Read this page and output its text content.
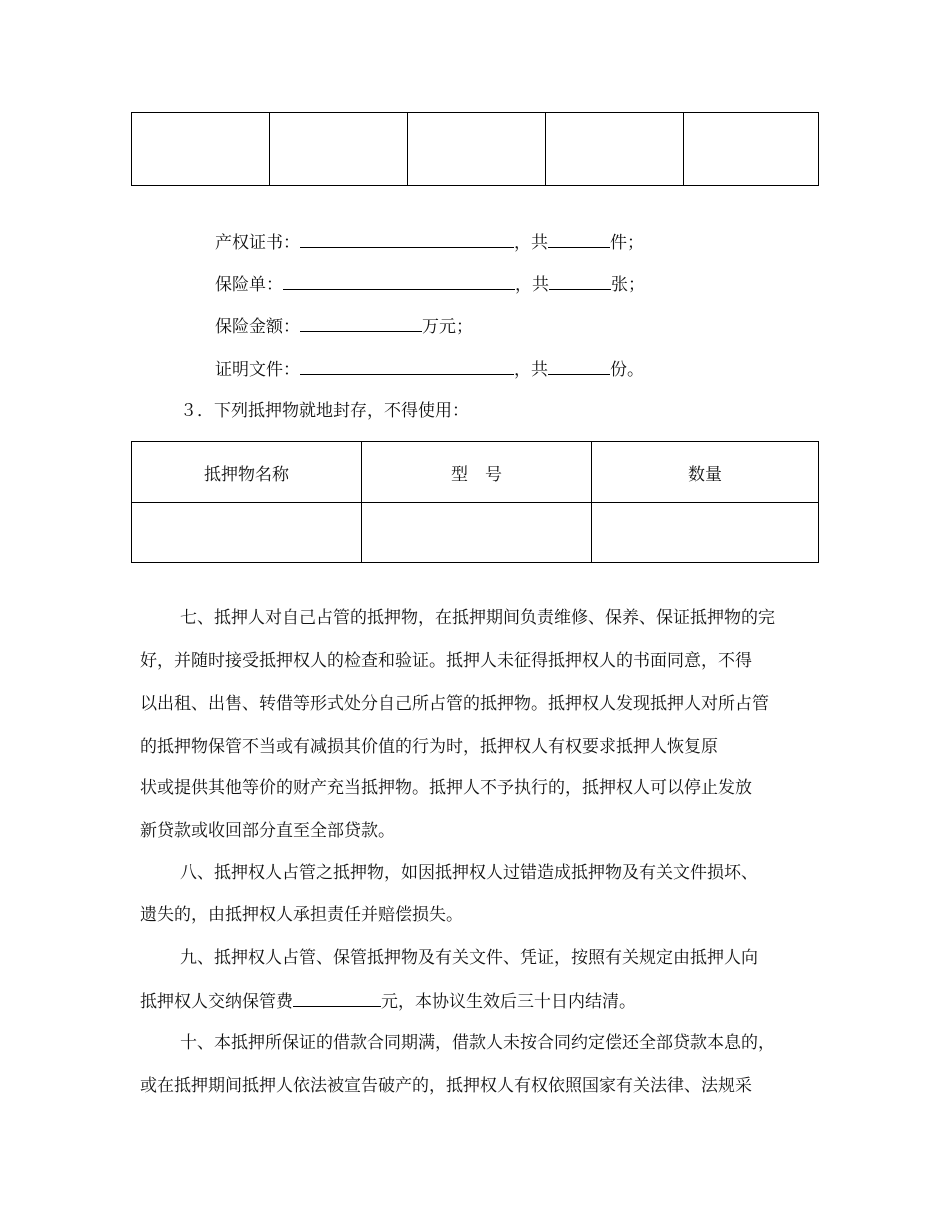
产权证书：	，共	件；
保险单：	，共	张；
保险金额：	万元；
证明文件：	，共	份。
３．下列抵押物就地封存，不得使用：
抵押物名称	型　号	数量

七、抵押人对自己占管的抵押物，在抵押期间负责维修、保养、保证抵押物的完
好，并随时接受抵押权人的检查和验证。抵押人未征得抵押权人的书面同意，不得
以出租、出售、转借等形式处分自己所占管的抵押物。抵押权人发现抵押人对所占管
的抵押物保管不当或有减损其价值的行为时，抵押权人有权要求抵押人恢复原
状或提供其他等价的财产充当抵押物。抵押人不予执行的，抵押权人可以停止发放
新贷款或收回部分直至全部贷款。
八、抵押权人占管之抵押物，如因抵押权人过错造成抵押物及有关文件损坏、
遗失的，由抵押权人承担责任并赔偿损失。
九、抵押权人占管、保管抵押物及有关文件、凭证，按照有关规定由抵押人向
抵押权人交纳保管费	元，本协议生效后三十日内结清。
十、本抵押所保证的借款合同期满，借款人未按合同约定偿还全部贷款本息的，
或在抵押期间抵押人依法被宣告破产的，抵押权人有权依照国家有关法律、法规采
